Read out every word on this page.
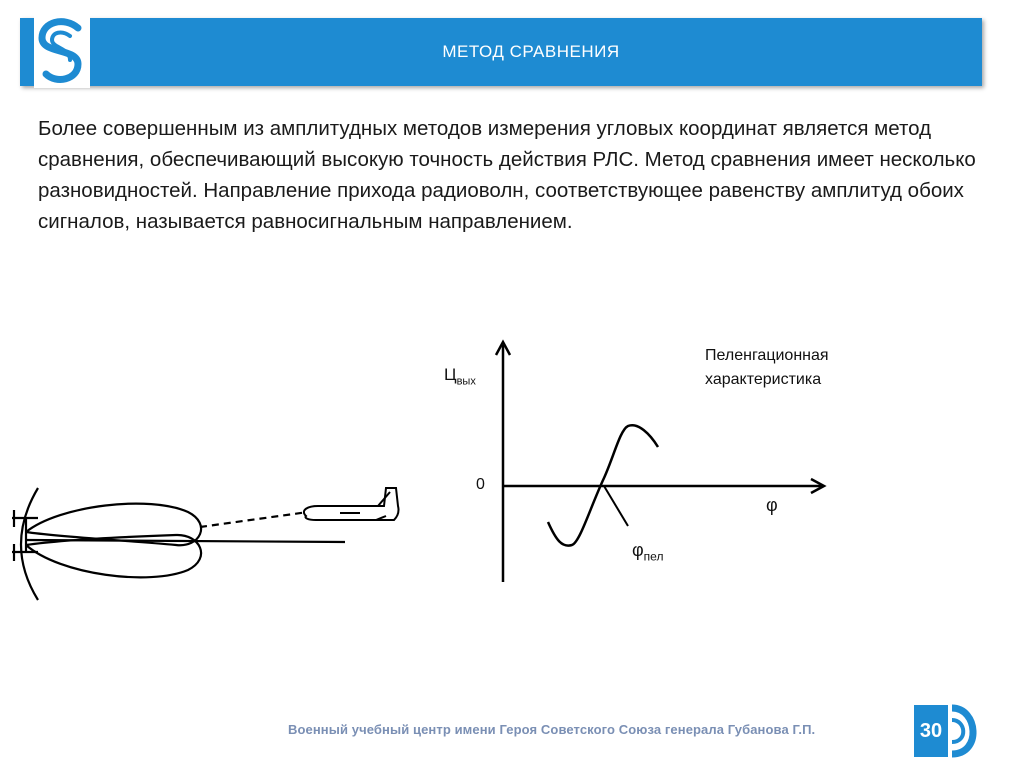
МЕТОД СРАВНЕНИЯ
Более совершенным из амплитудных методов измерения угловых координат является метод сравнения, обеспечивающий высокую точность действия РЛС. Метод сравнения имеет несколько разновидностей. Направление прихода радиоволн, соответствующее равенству амплитуд обоих сигналов, называется равносигнальным направлением.
$Ц_{вых}$
0
φ
$\varphi_{пел}$
Пеленгационная
характеристика
Военный учебный центр имени Героя Советского Союза генерала Губанова Г.П.	30
